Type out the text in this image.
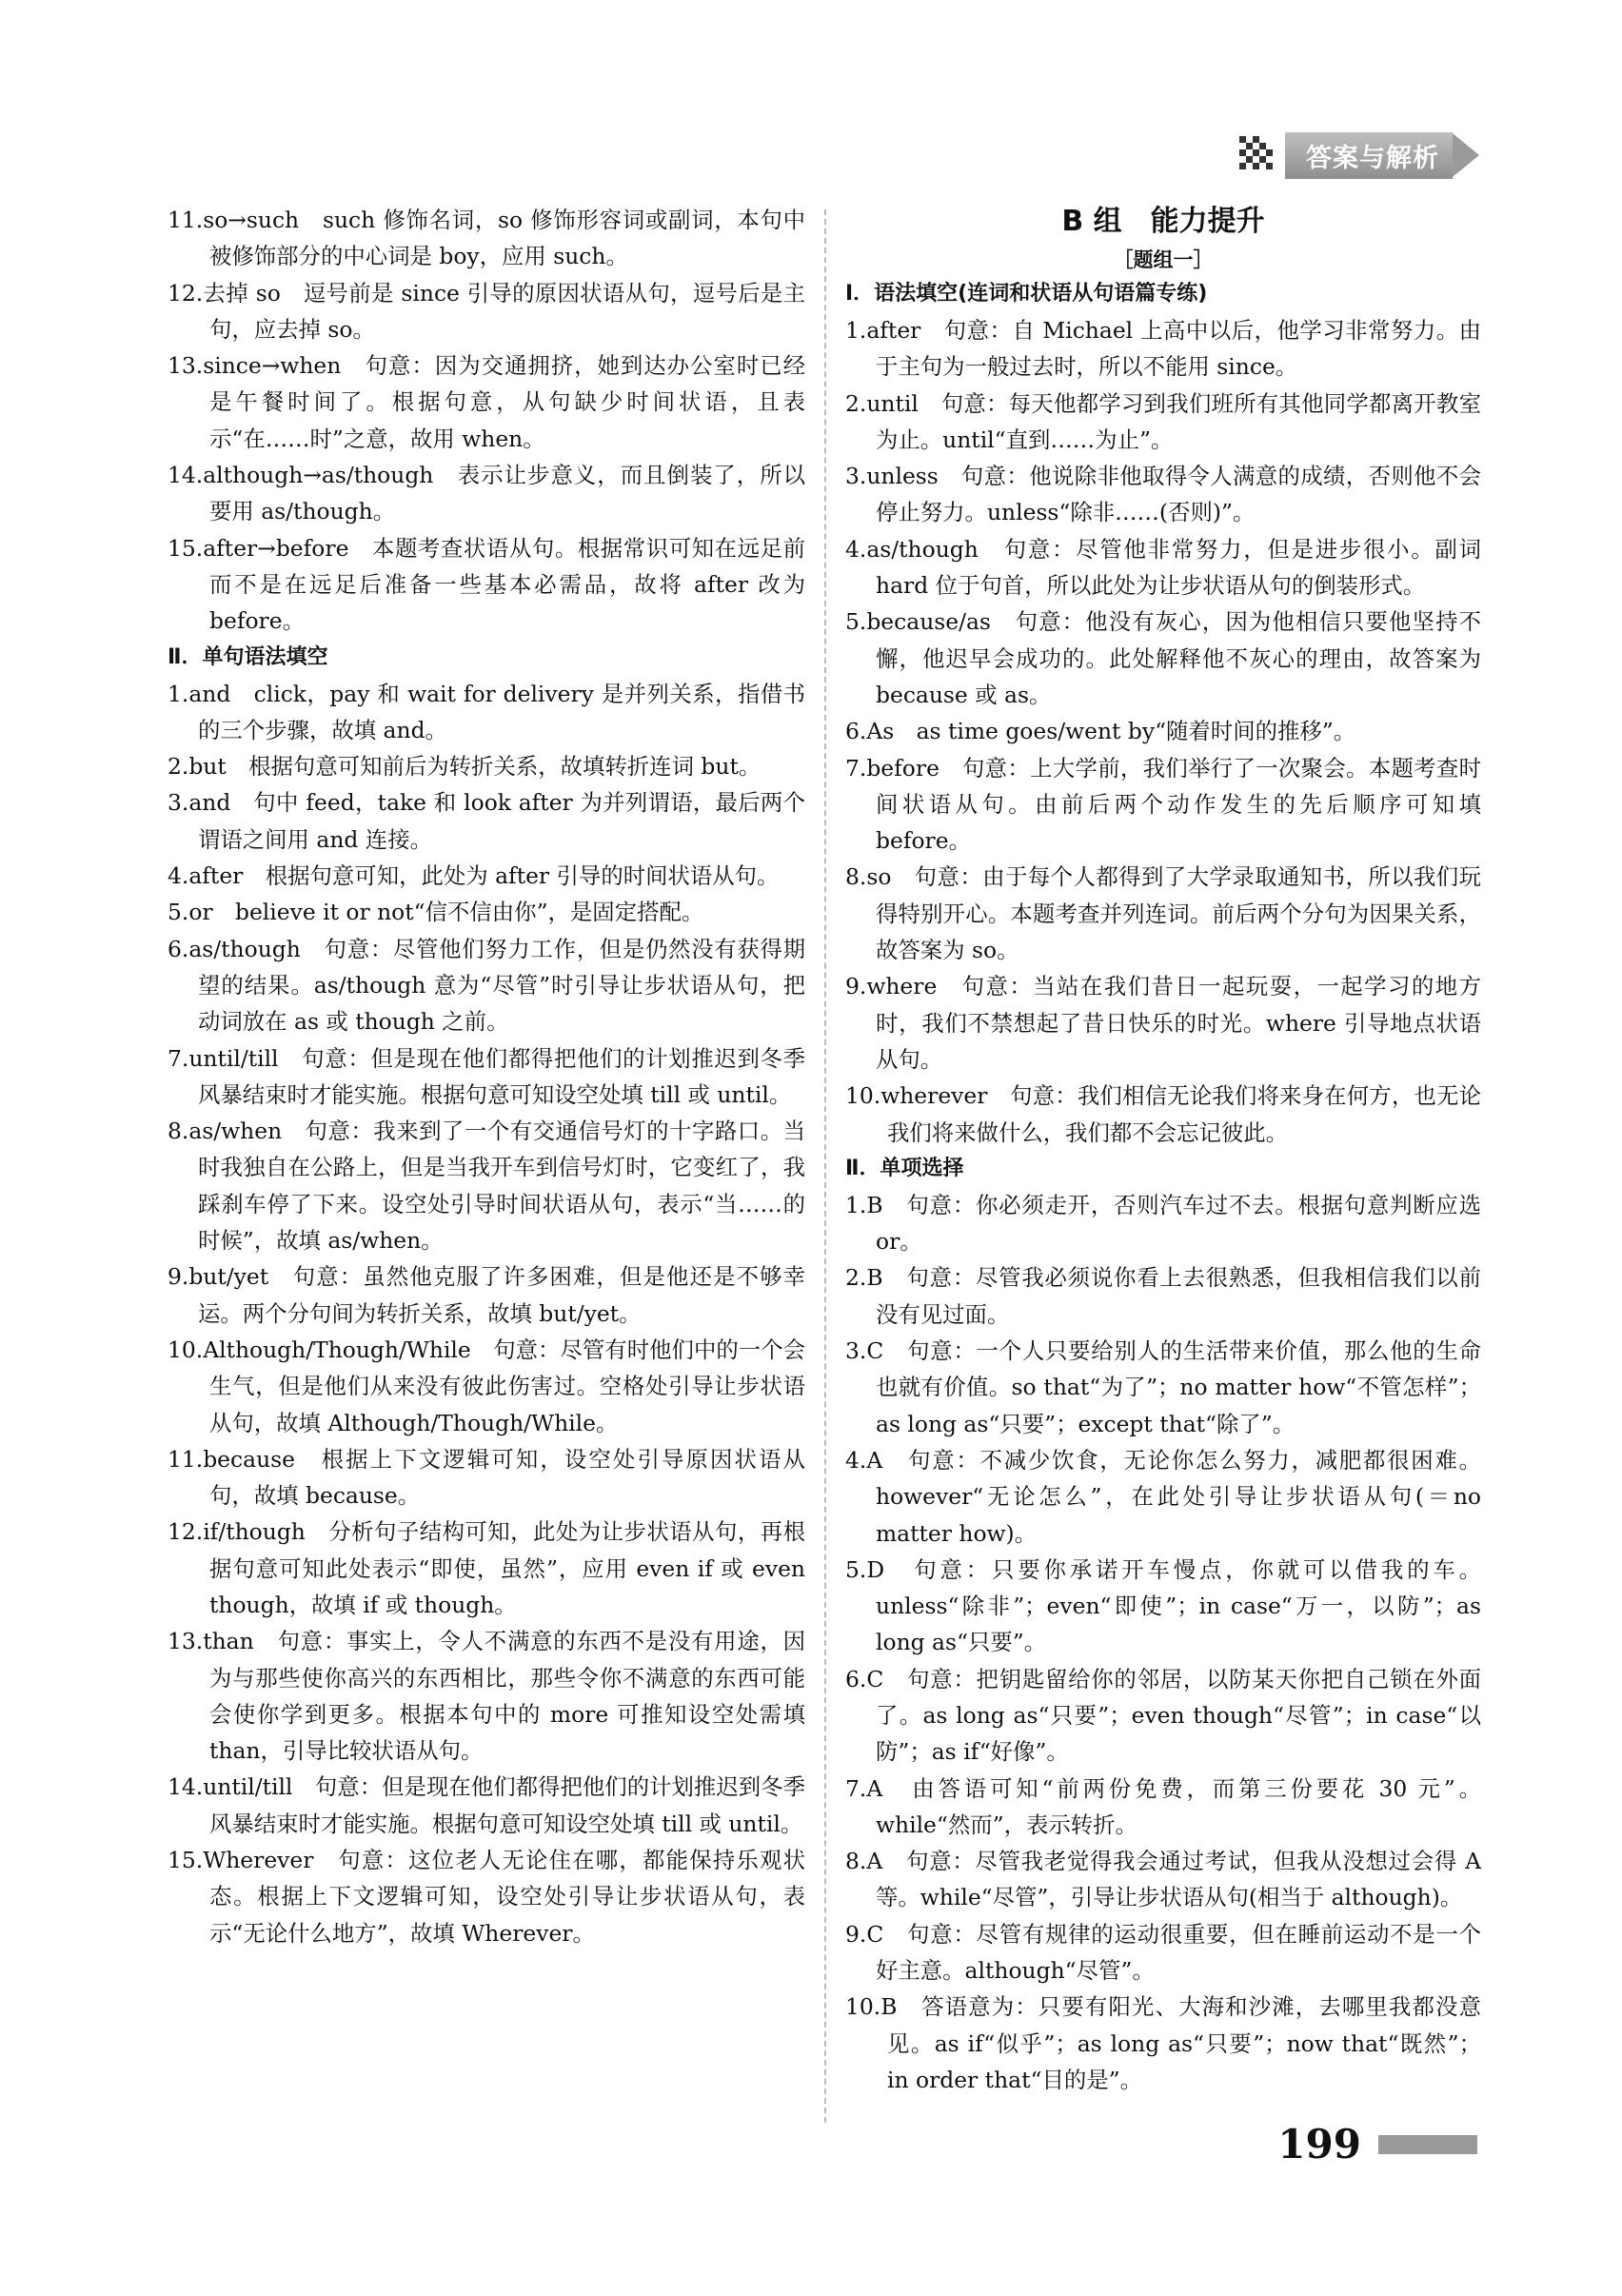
答案与解析
11.so→such　such 修饰名词，so 修饰形容词或副词，本句中被修饰部分的中心词是 boy，应用 such。
12.去掉 so　逗号前是 since 引导的原因状语从句，逗号后是主句，应去掉 so。
13.since→when　句意：因为交通拥挤，她到达办公室时已经是午餐时间了。根据句意，从句缺少时间状语，且表示“在……时”之意，故用 when。
14.although→as/though　表示让步意义，而且倒装了，所以要用 as/though。
15.after→before　本题考查状语从句。根据常识可知在远足前而不是在远足后准备一些基本必需品，故将 after 改为 before。
Ⅱ．单句语法填空
1.and　click，pay 和 wait for delivery 是并列关系，指借书的三个步骤，故填 and。
2.but　根据句意可知前后为转折关系，故填转折连词 but。
3.and　句中 feed，take 和 look after 为并列谓语，最后两个谓语之间用 and 连接。
4.after　根据句意可知，此处为 after 引导的时间状语从句。
5.or　believe it or not“信不信由你”，是固定搭配。
6.as/though　句意：尽管他们努力工作，但是仍然没有获得期望的结果。as/though 意为“尽管”时引导让步状语从句，把动词放在 as 或 though 之前。
7.until/till　句意：但是现在他们都得把他们的计划推迟到冬季风暴结束时才能实施。根据句意可知设空处填 till 或 until。
8.as/when　句意：我来到了一个有交通信号灯的十字路口。当时我独自在公路上，但是当我开车到信号灯时，它变红了，我踩刹车停了下来。设空处引导时间状语从句，表示“当……的时候”，故填 as/when。
9.but/yet　句意：虽然他克服了许多困难，但是他还是不够幸运。两个分句间为转折关系，故填 but/yet。
10.Although/Though/While　句意：尽管有时他们中的一个会生气，但是他们从来没有彼此伤害过。空格处引导让步状语从句，故填 Although/Though/While。
11.because　根据上下文逻辑可知，设空处引导原因状语从句，故填 because。
12.if/though　分析句子结构可知，此处为让步状语从句，再根据句意可知此处表示“即使，虽然”，应用 even if 或 even though，故填 if 或 though。
13.than　句意：事实上，令人不满意的东西不是没有用途，因为与那些使你高兴的东西相比，那些令你不满意的东西可能会使你学到更多。根据本句中的 more 可推知设空处需填 than，引导比较状语从句。
14.until/till　句意：但是现在他们都得把他们的计划推迟到冬季风暴结束时才能实施。根据句意可知设空处填 till 或 until。
15.Wherever　句意：这位老人无论住在哪，都能保持乐观状态。根据上下文逻辑可知，设空处引导让步状语从句，表示“无论什么地方”，故填 Wherever。
B 组　能力提升
［题组一］
Ⅰ．语法填空(连词和状语从句语篇专练)
1.after　句意：自 Michael 上高中以后，他学习非常努力。由于主句为一般过去时，所以不能用 since。
2.until　句意：每天他都学习到我们班所有其他同学都离开教室为止。until“直到……为止”。
3.unless　句意：他说除非他取得令人满意的成绩，否则他不会停止努力。unless“除非……(否则)”。
4.as/though　句意：尽管他非常努力，但是进步很小。副词 hard 位于句首，所以此处为让步状语从句的倒装形式。
5.because/as　句意：他没有灰心，因为他相信只要他坚持不懈，他迟早会成功的。此处解释他不灰心的理由，故答案为 because 或 as。
6.As　as time goes/went by“随着时间的推移”。
7.before　句意：上大学前，我们举行了一次聚会。本题考查时间状语从句。由前后两个动作发生的先后顺序可知填 before。
8.so　句意：由于每个人都得到了大学录取通知书，所以我们玩得特别开心。本题考查并列连词。前后两个分句为因果关系，故答案为 so。
9.where　句意：当站在我们昔日一起玩耍，一起学习的地方时，我们不禁想起了昔日快乐的时光。where 引导地点状语从句。
10.wherever　句意：我们相信无论我们将来身在何方，也无论我们将来做什么，我们都不会忘记彼此。
Ⅱ．单项选择
1.B　句意：你必须走开，否则汽车过不去。根据句意判断应选 or。
2.B　句意：尽管我必须说你看上去很熟悉，但我相信我们以前没有见过面。
3.C　句意：一个人只要给别人的生活带来价值，那么他的生命也就有价值。so that“为了”；no matter how“不管怎样”；as long as“只要”；except that“除了”。
4.A　句意：不减少饮食，无论你怎么努力，减肥都很困难。however“无论怎么”，在此处引导让步状语从句(＝no matter how)。
5.D　句意：只要你承诺开车慢点，你就可以借我的车。unless“除非”；even“即使”；in case“万一，以防”；as long as“只要”。
6.C　句意：把钥匙留给你的邻居，以防某天你把自己锁在外面了。as long as“只要”；even though“尽管”；in case“以防”；as if“好像”。
7.A　由答语可知“前两份免费，而第三份要花 30 元”。while“然而”，表示转折。
8.A　句意：尽管我老觉得我会通过考试，但我从没想过会得 A 等。while“尽管”，引导让步状语从句(相当于 although)。
9.C　句意：尽管有规律的运动很重要，但在睡前运动不是一个好主意。although“尽管”。
10.B　答语意为：只要有阳光、大海和沙滩，去哪里我都没意见。as if“似乎”；as long as“只要”；now that“既然”；in order that“目的是”。
199
